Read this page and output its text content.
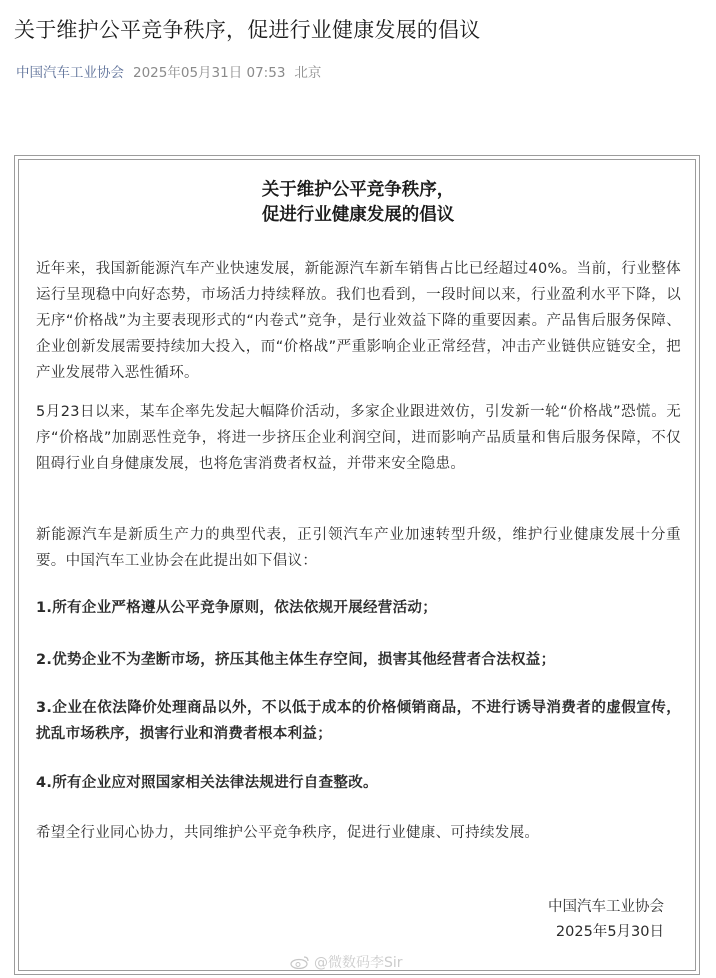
关于维护公平竞争秩序，促进行业健康发展的倡议
中国汽车工业协会 2025年05月31日 07:53 北京
关于维护公平竞争秩序，
促进行业健康发展的倡议
近年来，我国新能源汽车产业快速发展，新能源汽车新车销售占比已经超过40%。当前，行业整体运行呈现稳中向好态势，市场活力持续释放。我们也看到，一段时间以来，行业盈利水平下降，以无序“价格战”为主要表现形式的“内卷式”竞争，是行业效益下降的重要因素。产品售后服务保障、企业创新发展需要持续加大投入，而“价格战”严重影响企业正常经营，冲击产业链供应链安全，把产业发展带入恶性循环。
5月23日以来，某车企率先发起大幅降价活动，多家企业跟进效仿，引发新一轮“价格战”恐慌。无序“价格战”加剧恶性竞争，将进一步挤压企业利润空间，进而影响产品质量和售后服务保障，不仅阻碍行业自身健康发展，也将危害消费者权益，并带来安全隐患。
新能源汽车是新质生产力的典型代表，正引领汽车产业加速转型升级，维护行业健康发展十分重要。中国汽车工业协会在此提出如下倡议：
1.所有企业严格遵从公平竞争原则，依法依规开展经营活动；
2.优势企业不为垄断市场，挤压其他主体生存空间，损害其他经营者合法权益；
3.企业在依法降价处理商品以外，不以低于成本的价格倾销商品，不进行诱导消费者的虚假宣传，扰乱市场秩序，损害行业和消费者根本利益；
4.所有企业应对照国家相关法律法规进行自查整改。
希望全行业同心协力，共同维护公平竞争秩序，促进行业健康、可持续发展。
中国汽车工业协会
2025年5月30日
@微数码李Sir
